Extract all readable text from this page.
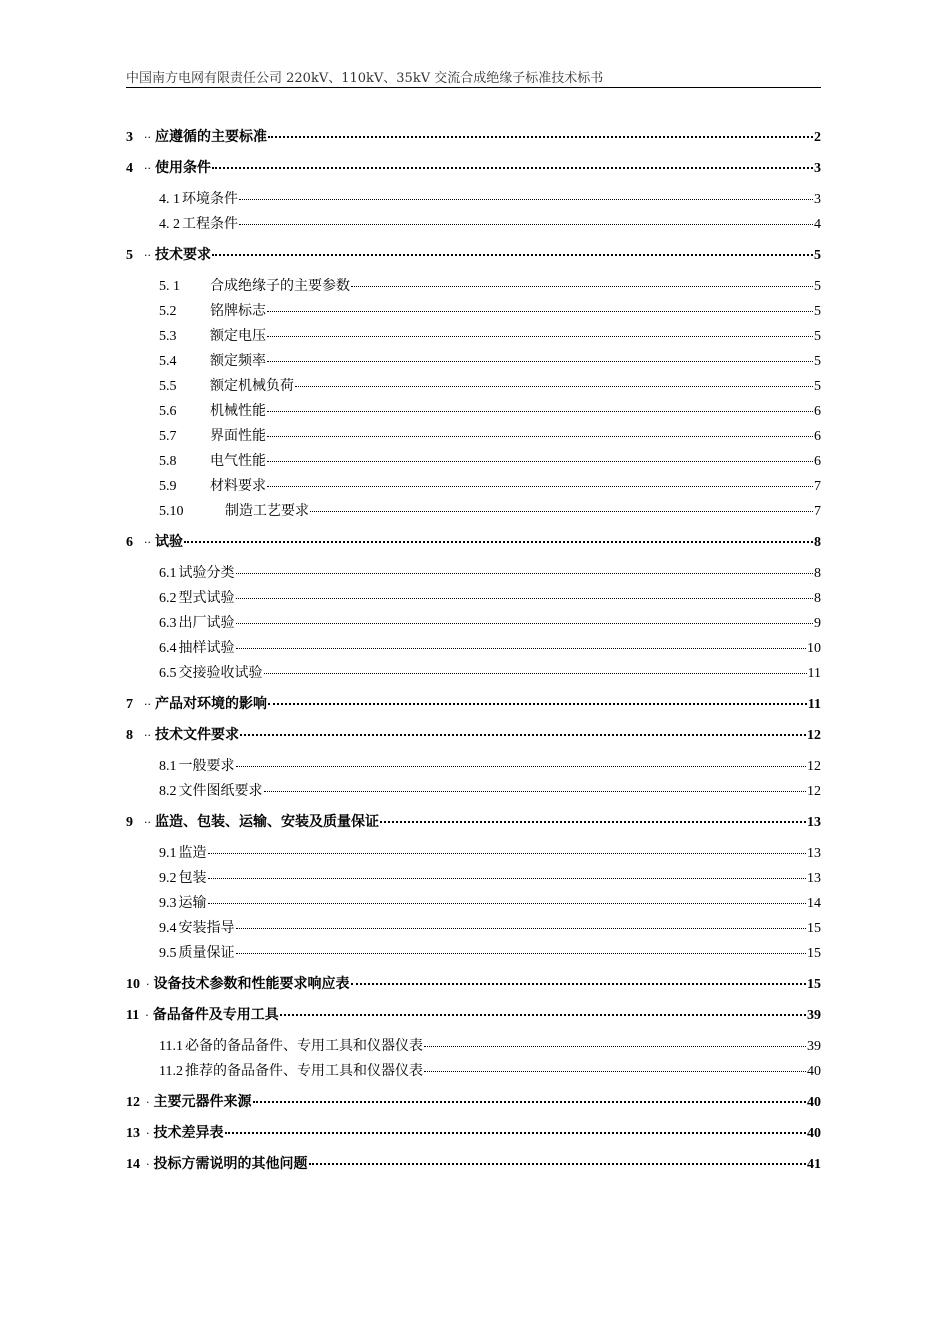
中国南方电网有限责任公司 220kV、110kV、35kV 交流合成绝缘子标准技术标书
3	·· 应遵循的主要标准	2
4	·· 使用条件	3
4. 1 环境条件	3
4. 2 工程条件	4
5	·· 技术要求	5
5. 1	合成绝缘子的主要参数	5
5.2	铭牌标志	5
5.3	额定电压	5
5.4	额定频率	5
5.5	额定机械负荷	5
5.6	机械性能	6
5.7	界面性能	6
5.8	电气性能	6
5.9	材料要求	7
5.10	制造工艺要求	7
6	·· 试验	8
6.1 试验分类	8
6.2 型式试验	8
6.3 出厂试验	9
6.4 抽样试验	10
6.5 交接验收试验	11
7	·· 产品对环境的影响	11
8	·· 技术文件要求	12
8.1 一般要求	12
8.2 文件图纸要求	12
9	·· 监造、包装、运输、安装及质量保证	13
9.1 监造	13
9.2 包装	13
9.3 运输	14
9.4 安装指导	15
9.5 质量保证	15
10 · 设备技术参数和性能要求响应表	15
11 · 备品备件及专用工具	39
11.1 必备的备品备件、专用工具和仪器仪表	39
11.2 推荐的备品备件、专用工具和仪器仪表	40
12 · 主要元器件来源	40
13 · 技术差异表	40
14 · 投标方需说明的其他问题	41
